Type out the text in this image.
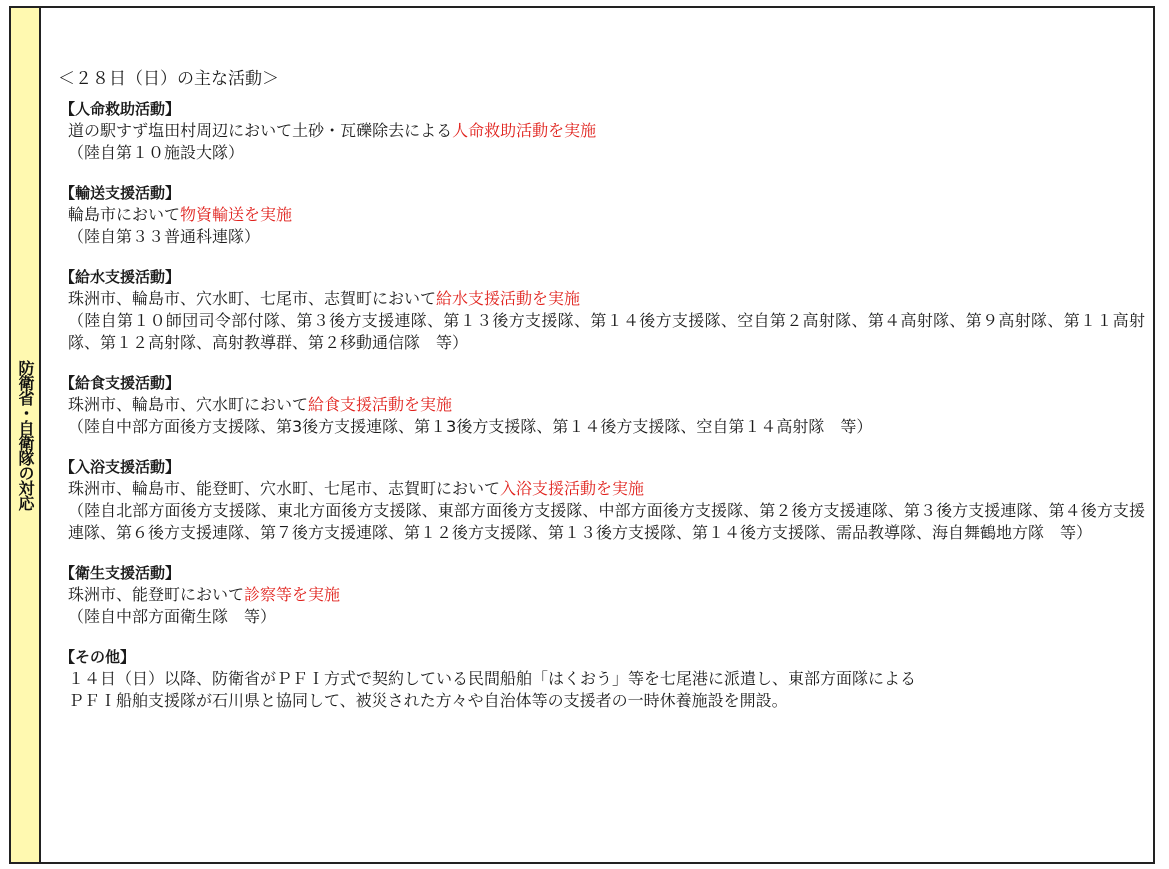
防衛省・自衛隊の対応
＜２８日（日）の主な活動＞
【人命救助活動】
道の駅すず塩田村周辺において土砂・瓦礫除去による人命救助活動を実施
（陸自第１０施設大隊）
【輸送支援活動】
輪島市において物資輸送を実施
（陸自第３３普通科連隊）
【給水支援活動】
珠洲市、輪島市、穴水町、七尾市、志賀町において給水支援活動を実施
（陸自第１０師団司令部付隊、第３後方支援連隊、第１３後方支援隊、第１４後方支援隊、空自第２高射隊、第４高射隊、第９高射隊、第１１高射隊、第１２高射隊、高射教導群、第２移動通信隊　等）
【給食支援活動】
珠洲市、輪島市、穴水町において給食支援活動を実施
（陸自中部方面後方支援隊、第3後方支援連隊、第１3後方支援隊、第１４後方支援隊、空自第１４高射隊　等）
【入浴支援活動】
珠洲市、輪島市、能登町、穴水町、七尾市、志賀町において入浴支援活動を実施
（陸自北部方面後方支援隊、東北方面後方支援隊、東部方面後方支援隊、中部方面後方支援隊、第２後方支援連隊、第３後方支援連隊、第４後方支援連隊、第６後方支援連隊、第７後方支援連隊、第１２後方支援隊、第１３後方支援隊、第１４後方支援隊、需品教導隊、海自舞鶴地方隊　等）
【衛生支援活動】
珠洲市、能登町において診察等を実施
（陸自中部方面衛生隊　等）
【その他】
１４日（日）以降、防衛省がＰＦＩ方式で契約している民間船舶「はくおう」等を七尾港に派遣し、東部方面隊による
ＰＦＩ船舶支援隊が石川県と協同して、被災された方々や自治体等の支援者の一時休養施設を開設。
